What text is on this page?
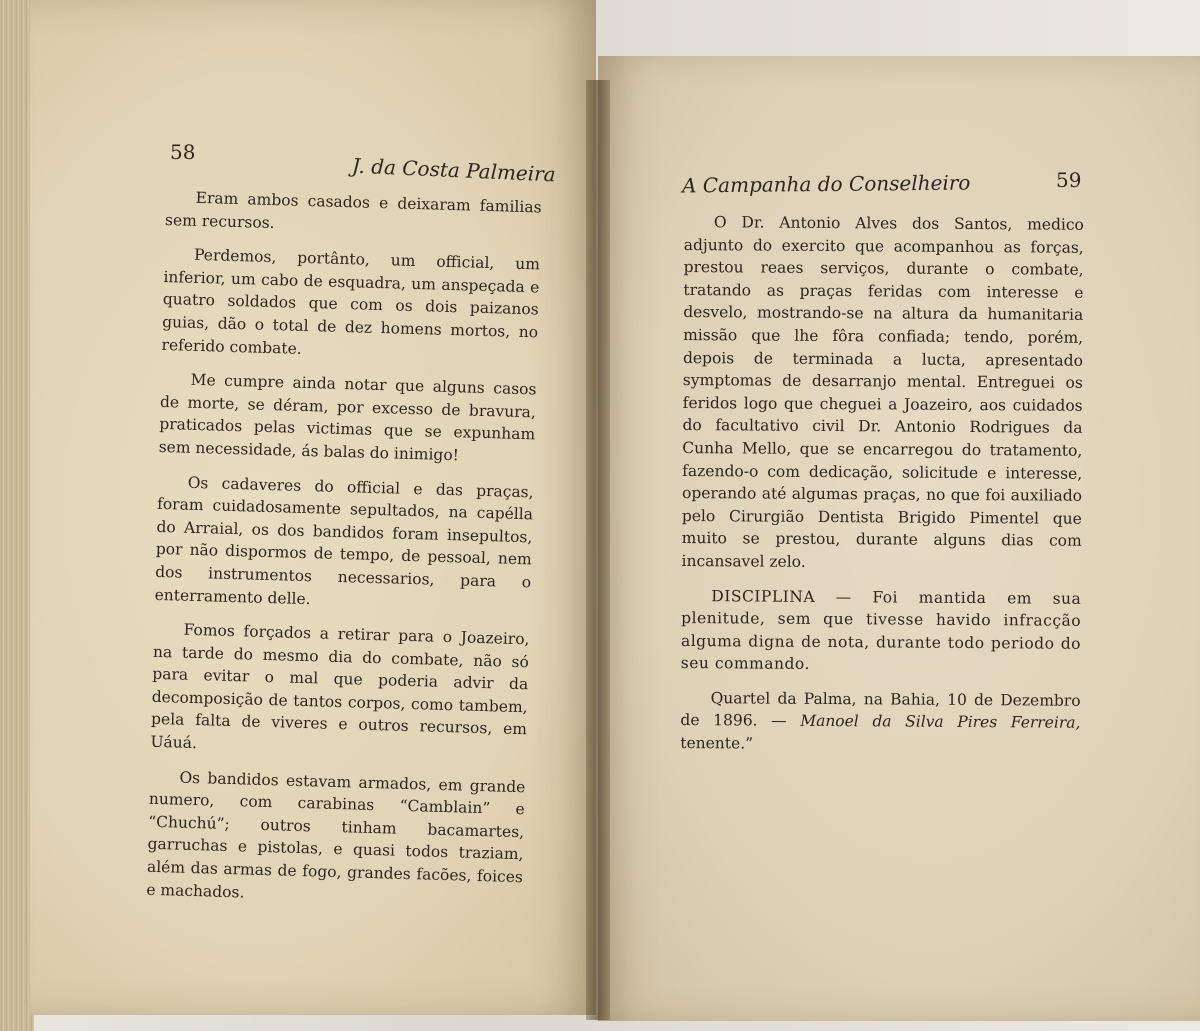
58
J. da Costa Palmeira

Eram ambos casados e deixaram familias sem recursos.

Perdemos, portânto, um official, um inferior, um cabo de esquadra, um anspeçada e quatro soldados que com os dois paizanos guias, dão o total de dez homens mortos, no referido combate.

Me cumpre ainda notar que alguns casos de morte, se déram, por excesso de bravura, praticados pelas victimas que se expunham sem necessidade, ás balas do inimigo!

Os cadaveres do official e das praças, foram cuidadosamente sepultados, na capélla do Arraial, os dos bandidos foram insepultos, por não dispormos de tempo, de pessoal, nem dos instrumentos necessarios, para o enterramento delle.

Fomos forçados a retirar para o Joazeiro, na tarde do mesmo dia do combate, não só para evitar o mal que poderia advir da decomposição de tantos corpos, como tambem, pela falta de viveres e outros recursos, em Uáuá.

Os bandidos estavam armados, em grande numero, com carabinas “Camblain” e “Chuchú”; outros tinham bacamartes, garruchas e pistolas, e quasi todos traziam, além das armas de fogo, grandes facões, foices e machados.

A Campanha do Conselheiro	59

O Dr. Antonio Alves dos Santos, medico adjunto do exercito que acompanhou as forças, prestou reaes serviços, durante o combate, tratando as praças feridas com interesse e desvelo, mostrando-se na altura da humanitaria missão que lhe fôra confiada; tendo, porém, depois de terminada a lucta, apresentado symptomas de desarranjo mental. Entreguei os feridos logo que cheguei a Joazeiro, aos cuidados do facultativo civil Dr. Antonio Rodrigues da Cunha Mello, que se encarregou do tratamento, fazendo-o com dedicação, solicitude e interesse, operando até algumas praças, no que foi auxiliado pelo Cirurgião Dentista Brigido Pimentel que muito se prestou, durante alguns dias com incansavel zelo.

DISCIPLINA — Foi mantida em sua plenitude, sem que tivesse havido infracção alguma digna de nota, durante todo periodo do seu commando.

Quartel da Palma, na Bahia, 10 de Dezembro de 1896. — Manoel da Silva Pires Ferreira, tenente.”
